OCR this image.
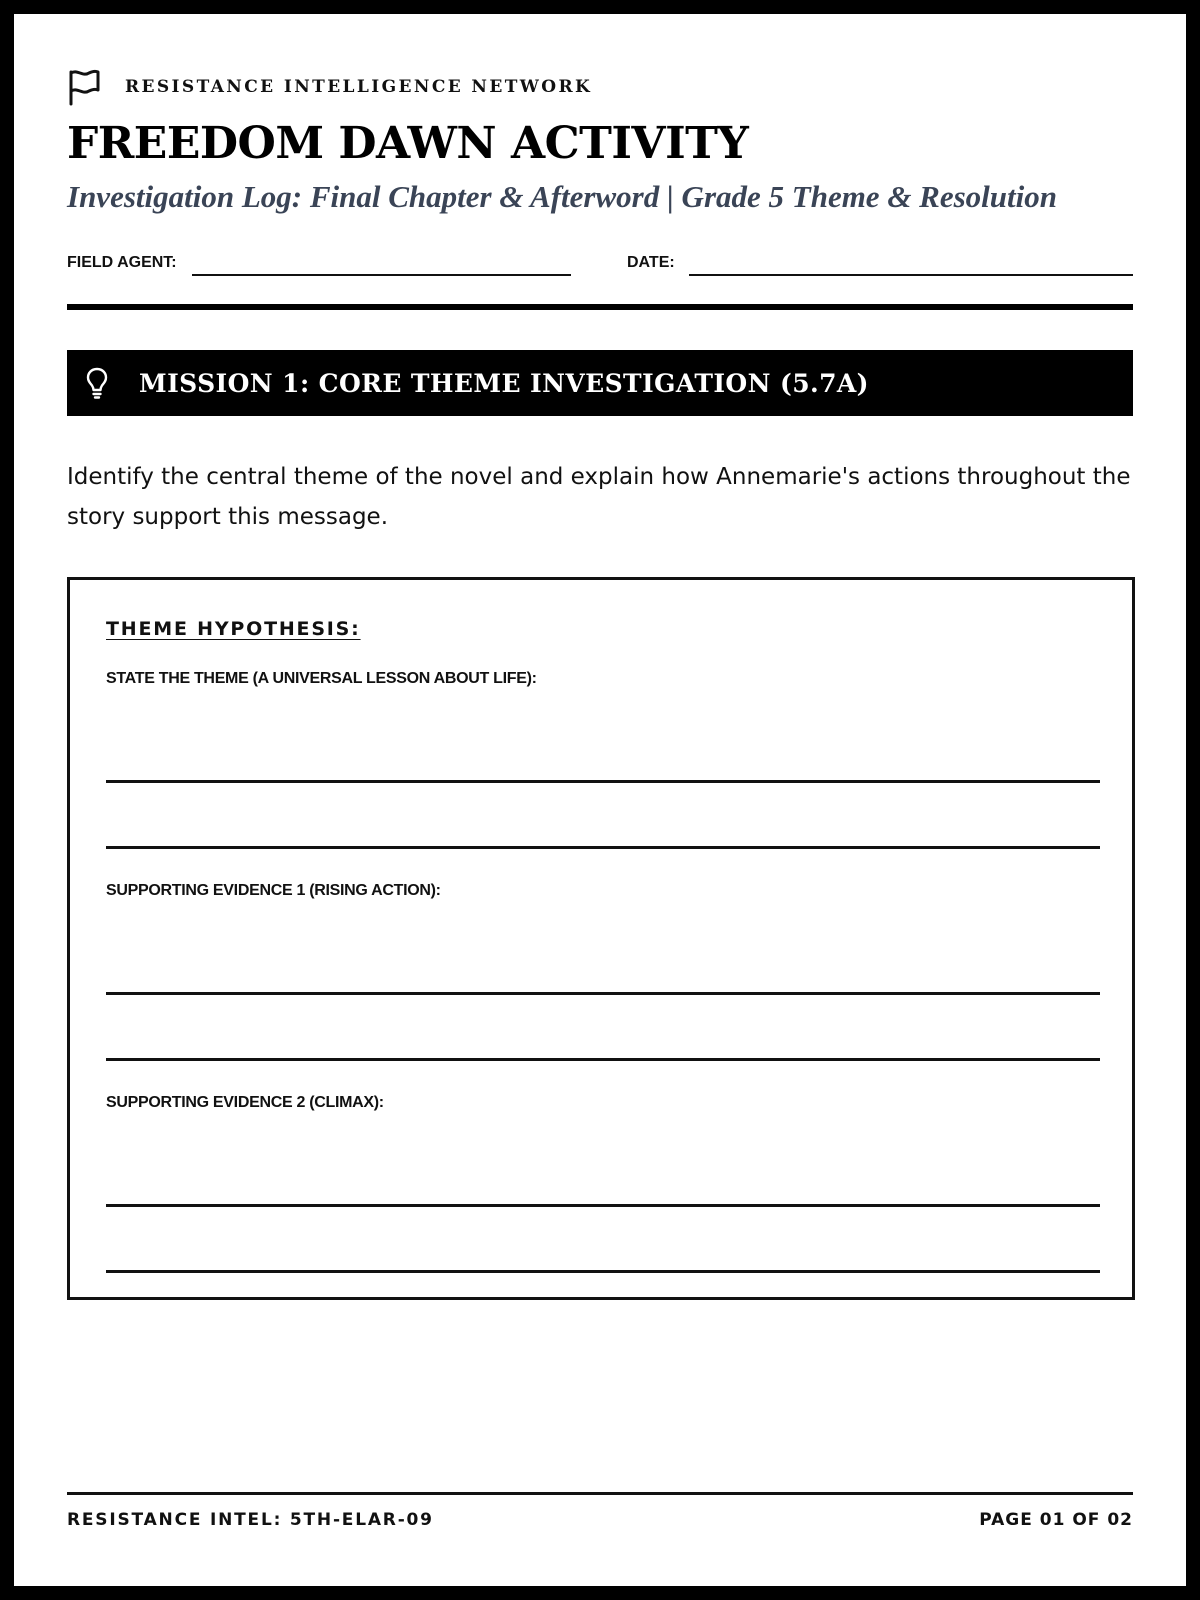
RESISTANCE INTELLIGENCE NETWORK
FREEDOM DAWN ACTIVITY
Investigation Log: Final Chapter & Afterword | Grade 5 Theme & Resolution
FIELD AGENT:	DATE:
MISSION 1: CORE THEME INVESTIGATION (5.7A)

Identify the central theme of the novel and explain how Annemarie's actions throughout the story support this message.

THEME HYPOTHESIS:
STATE THE THEME (A UNIVERSAL LESSON ABOUT LIFE):
SUPPORTING EVIDENCE 1 (RISING ACTION):
SUPPORTING EVIDENCE 2 (CLIMAX):
RESISTANCE INTEL: 5TH-ELAR-09	PAGE 01 OF 02
